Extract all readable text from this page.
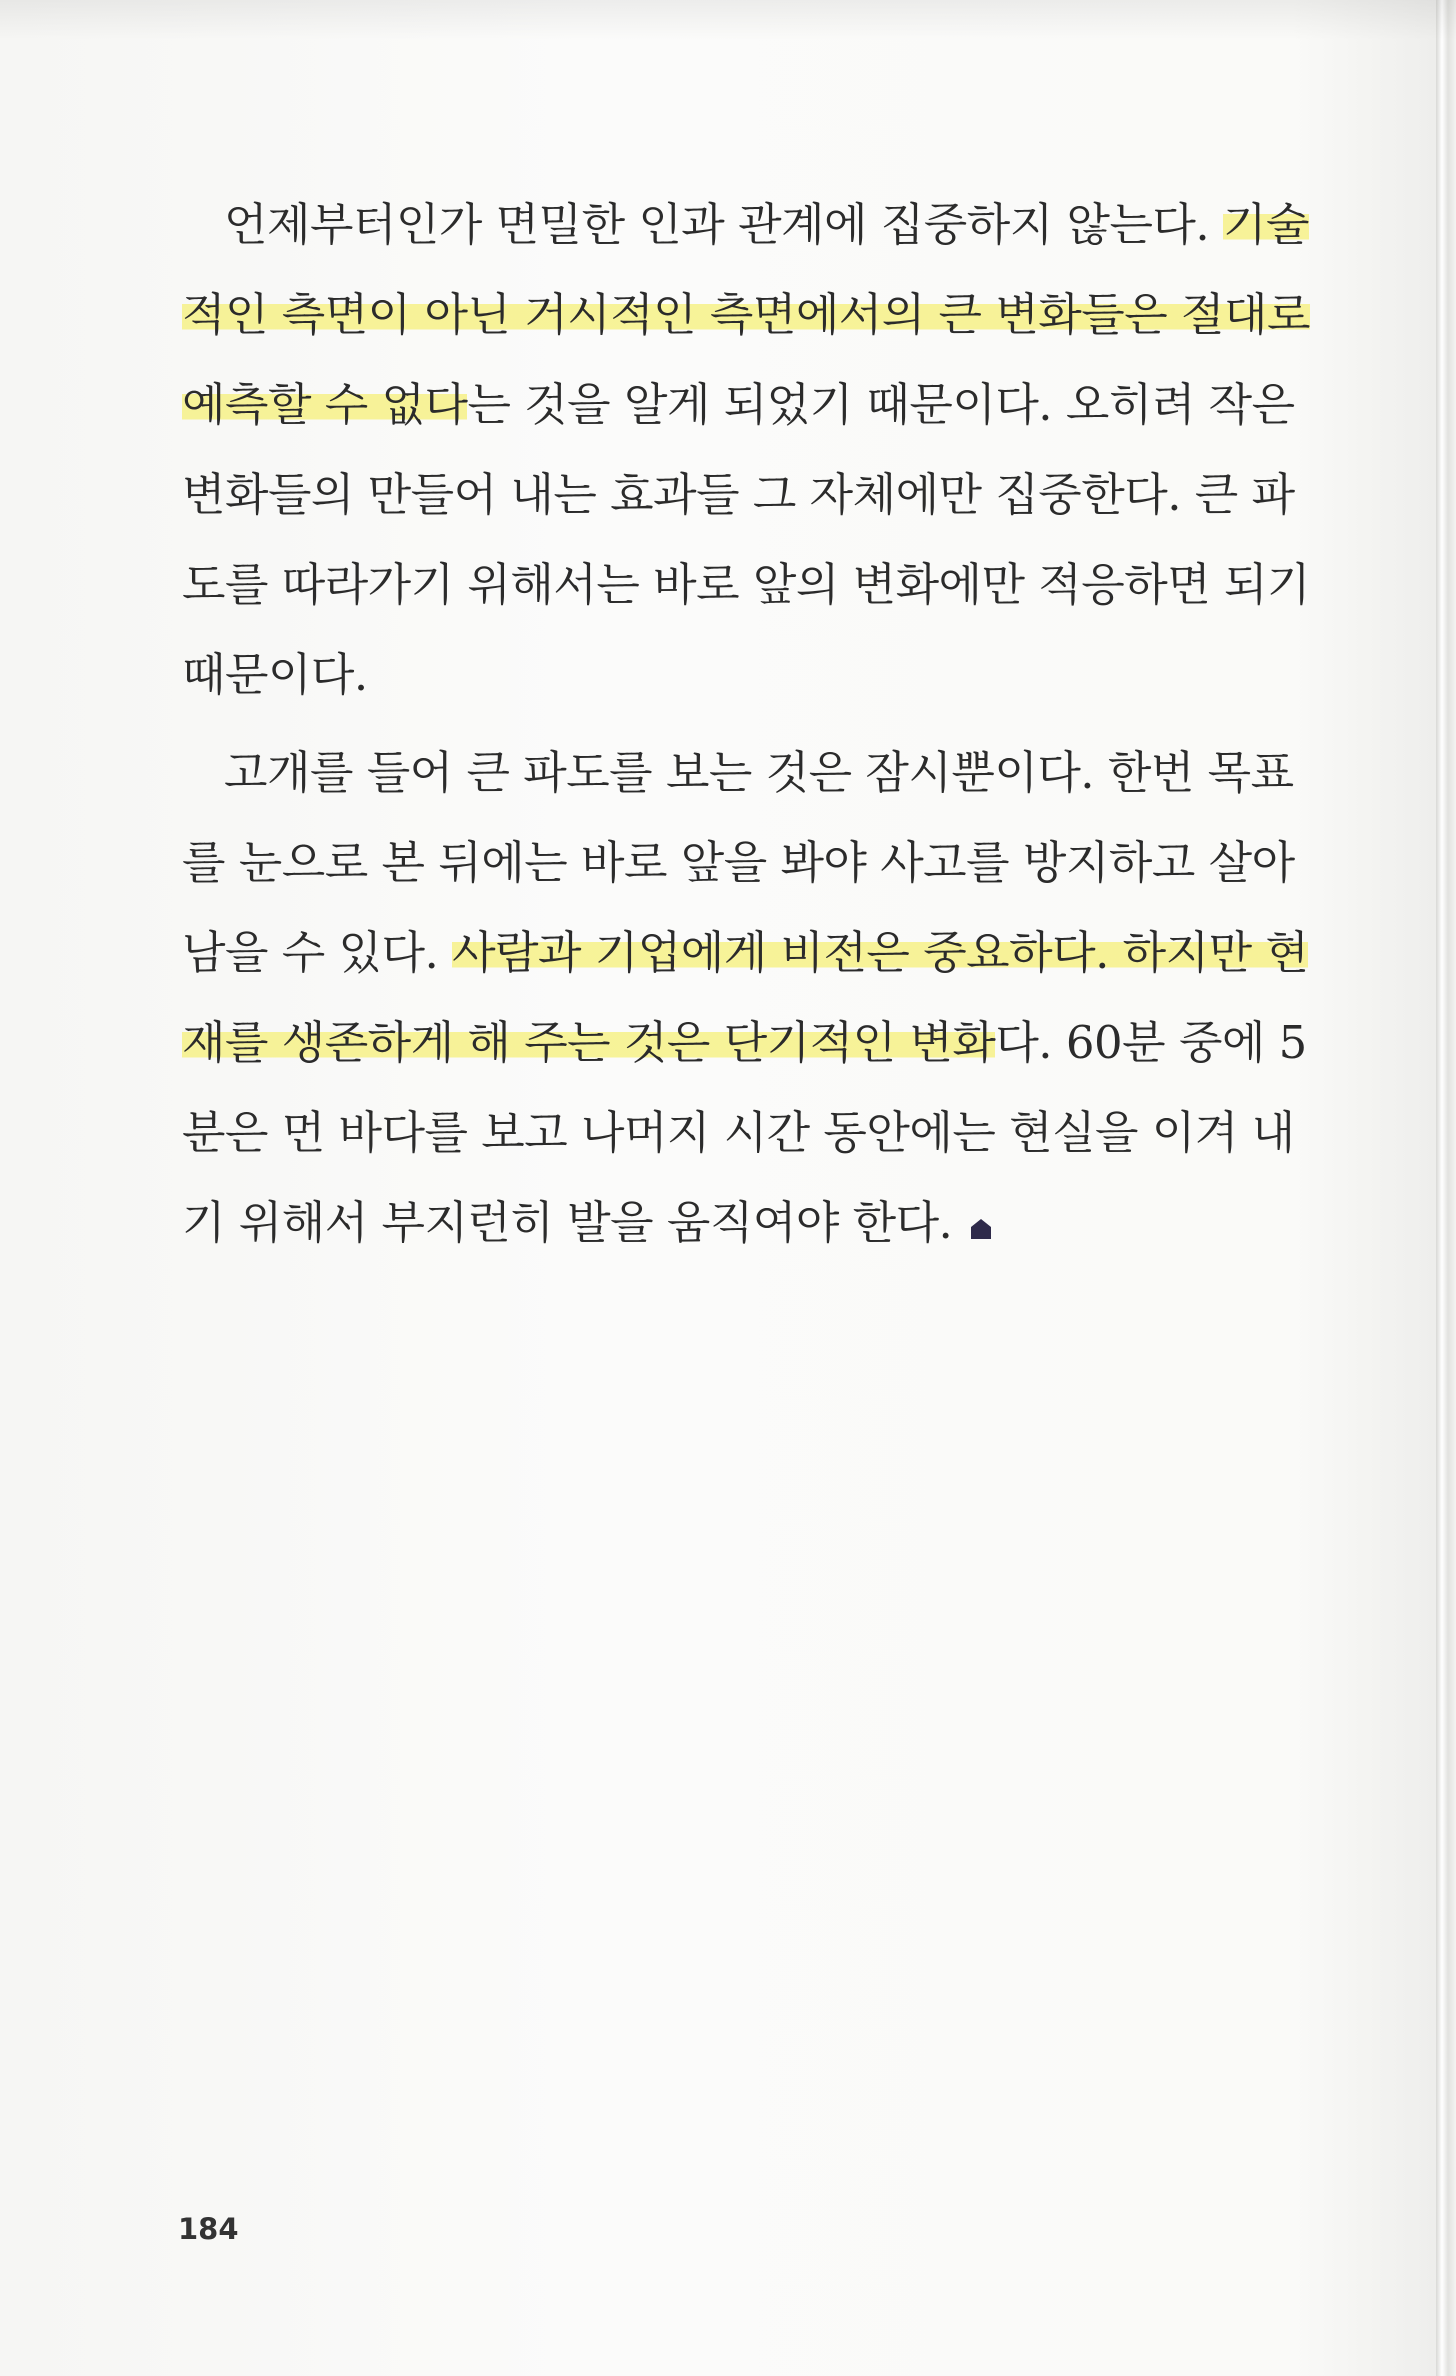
언제부터인가 면밀한 인과 관계에 집중하지 않는다. 기술
적인 측면이 아닌 거시적인 측면에서의 큰 변화들은 절대로
예측할 수 없다는 것을 알게 되었기 때문이다. 오히려 작은
변화들의 만들어 내는 효과들 그 자체에만 집중한다. 큰 파
도를 따라가기 위해서는 바로 앞의 변화에만 적응하면 되기
때문이다.
고개를 들어 큰 파도를 보는 것은 잠시뿐이다. 한번 목표
를 눈으로 본 뒤에는 바로 앞을 봐야 사고를 방지하고 살아
남을 수 있다. 사람과 기업에게 비전은 중요하다. 하지만 현
재를 생존하게 해 주는 것은 단기적인 변화다. 60분 중에 5
분은 먼 바다를 보고 나머지 시간 동안에는 현실을 이겨 내
기 위해서 부지런히 발을 움직여야 한다.
184
